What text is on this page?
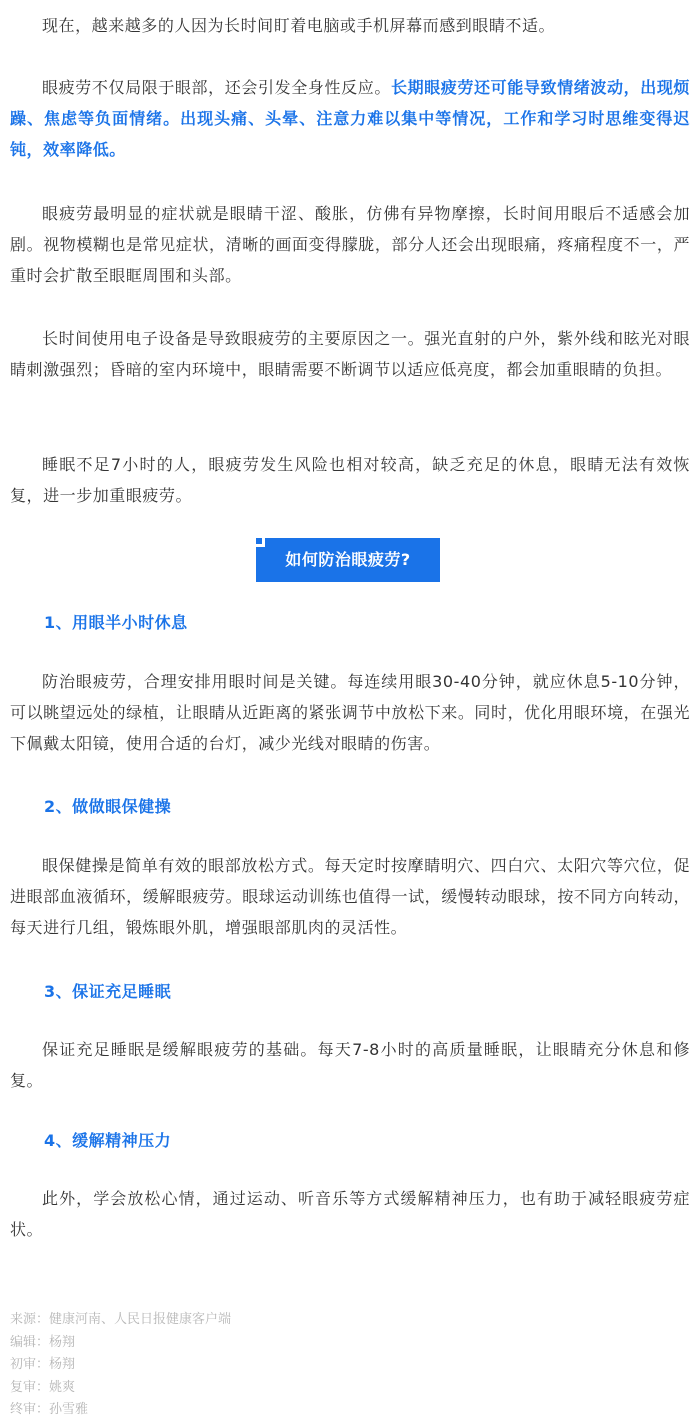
现在，越来越多的人因为长时间盯着电脑或手机屏幕而感到眼睛不适。

眼疲劳不仅局限于眼部，还会引发全身性反应。长期眼疲劳还可能导致情绪波动，出现烦躁、焦虑等负面情绪。出现头痛、头晕、注意力难以集中等情况，工作和学习时思维变得迟钝，效率降低。

眼疲劳最明显的症状就是眼睛干涩、酸胀，仿佛有异物摩擦，长时间用眼后不适感会加剧。视物模糊也是常见症状，清晰的画面变得朦胧，部分人还会出现眼痛，疼痛程度不一，严重时会扩散至眼眶周围和头部。

长时间使用电子设备是导致眼疲劳的主要原因之一。强光直射的户外，紫外线和眩光对眼睛刺激强烈；昏暗的室内环境中，眼睛需要不断调节以适应低亮度，都会加重眼睛的负担。

睡眠不足7小时的人，眼疲劳发生风险也相对较高，缺乏充足的休息，眼睛无法有效恢复，进一步加重眼疲劳。

如何防治眼疲劳?
1、用眼半小时休息

防治眼疲劳，合理安排用眼时间是关键。每连续用眼30-40分钟，就应休息5-10分钟，可以眺望远处的绿植，让眼睛从近距离的紧张调节中放松下来。同时，优化用眼环境，在强光下佩戴太阳镜，使用合适的台灯，减少光线对眼睛的伤害。

2、做做眼保健操

眼保健操是简单有效的眼部放松方式。每天定时按摩睛明穴、四白穴、太阳穴等穴位，促进眼部血液循环，缓解眼疲劳。眼球运动训练也值得一试，缓慢转动眼球，按不同方向转动，每天进行几组，锻炼眼外肌，增强眼部肌肉的灵活性。

3、保证充足睡眠

保证充足睡眠是缓解眼疲劳的基础。每天7-8小时的高质量睡眠，让眼睛充分休息和修复。

4、缓解精神压力

此外，学会放松心情，通过运动、听音乐等方式缓解精神压力，也有助于减轻眼疲劳症状。

来源：健康河南、人民日报健康客户端
编辑：杨翔
初审：杨翔
复审：姚爽
终审：孙雪雅
